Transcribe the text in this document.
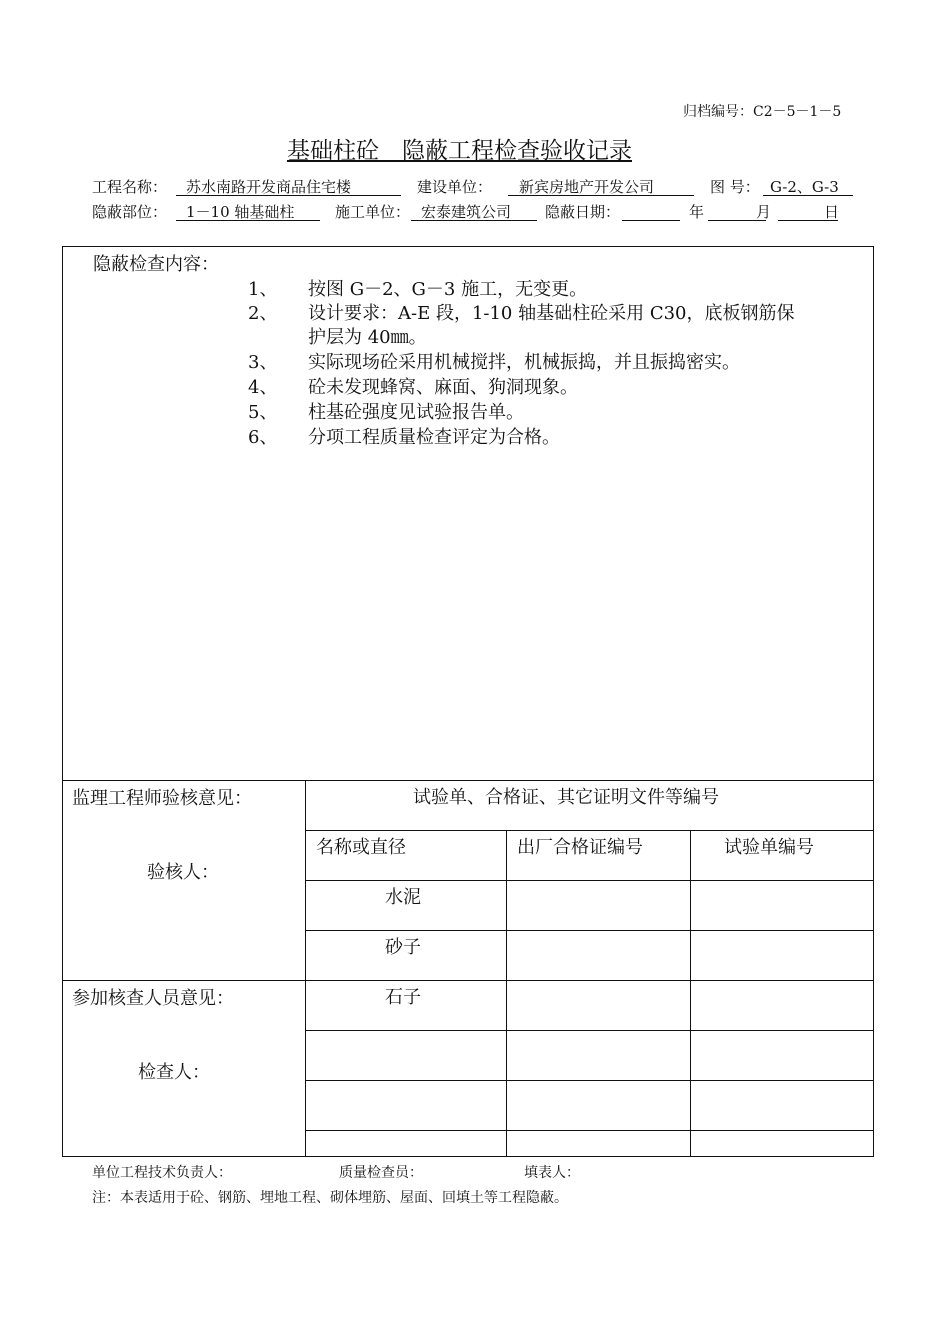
归档编号：C2－5－1－5
基础柱砼　隐蔽工程检查验收记录
工程名称： 苏水南路开发商品住宅楼	建设单位： 新宾房地产开发公司	图 号： G-2、G-3
隐蔽部位： 1－10 轴基础柱	施工单位： 宏泰建筑公司 隐蔽日期：	年	月	日
隐蔽检查内容：
1、 按图 G－2、G－3 施工，无变更。
2、 设计要求：A-E 段，1-10 轴基础柱砼采用 C30，底板钢筋保
护层为 40㎜。
3、 实际现场砼采用机械搅拌，机械振捣，并且振捣密实。
4、 砼未发现蜂窝、麻面、狗洞现象。
5、 柱基砼强度见试验报告单。
6、 分项工程质量检查评定为合格。
监理工程师验核意见：
验核人：
参加核查人员意见：
检查人：
试验单、合格证、其它证明文件等编号
名称或直径	出厂合格证编号	试验单编号
水泥
砂子
石子
单位工程技术负责人：	质量检查员：	填表人：
注：本表适用于砼、钢筋、埋地工程、砌体埋筋、屋面、回填土等工程隐蔽。
